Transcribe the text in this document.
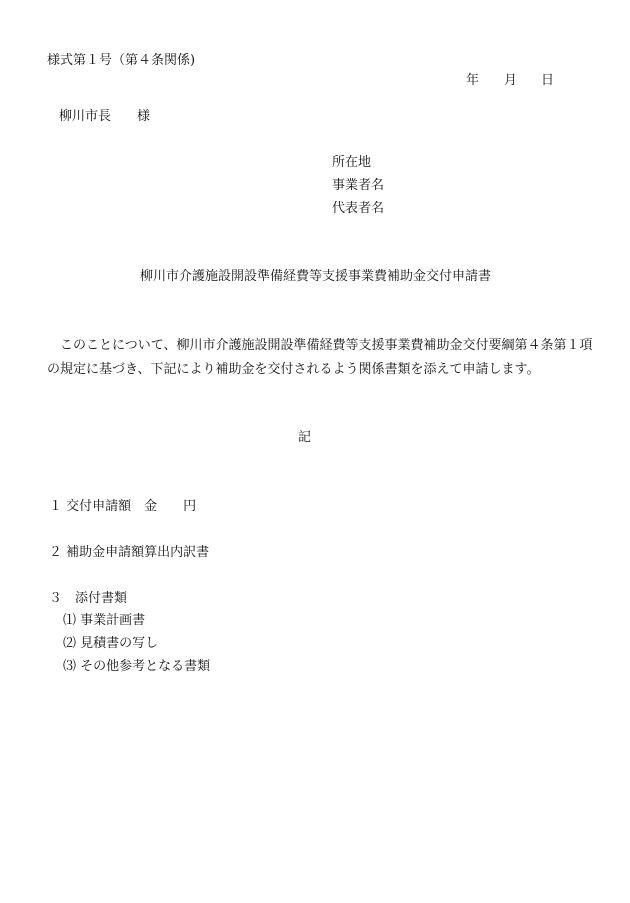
様式第１号（第４条関係)
年 月 日
柳川市長　　様
所在地
事業者名
代表者名
柳川市介護施設開設準備経費等支援事業費補助金交付申請書
　このことについて、柳川市介護施設開設準備経費等支援事業費補助金交付要綱第４条第１項
の規定に基づき、下記により補助金を交付されるよう関係書類を添えて申請します。
記
１ 交付申請額　金　　円
２ 補助金申請額算出内訳書
３　添付書類
⑴ 事業計画書
⑵ 見積書の写し
⑶ その他参考となる書類
